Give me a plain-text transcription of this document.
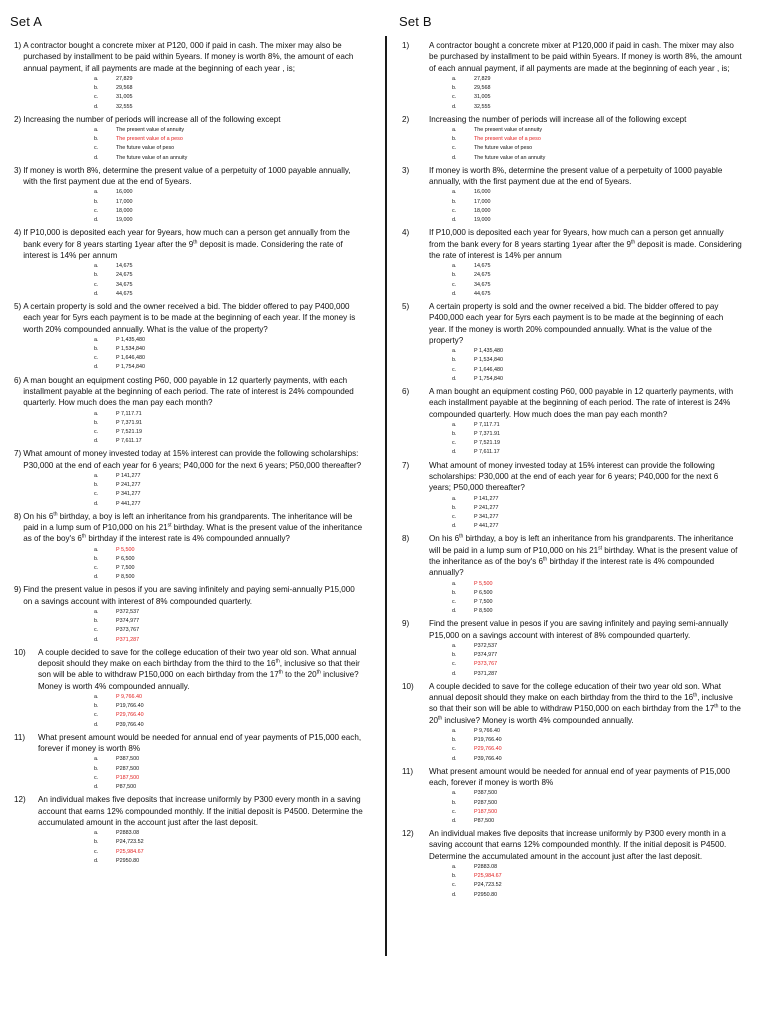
Set A	Set B
1) A contractor bought a concrete mixer at P120, 000 if paid in cash. The mixer may also be purchased by installment to be paid within 5years. If money is worth 8%, the amount of each annual payment, if all payments are made at the beginning of each year , is;
a.	27,829
b.	29,568
c.	31,005
d.	32,555
2) Increasing the number of periods will increase all of the following except
a.	The present value of annuity
b.	The present value of a peso
c.	The future value of peso
d.	The future value of an annuity
3) If money is worth 8%, determine the present value of a perpetuity of 1000 payable annually, with the first payment due at the end of 5years.
a.	16,000
b.	17,000
c.	18,000
d.	19,000
4) If P10,000 is deposited each year for 9years, how much can a person get annually from the bank every for 8 years starting 1year after the 9th deposit is made. Considering the rate of interest is 14% per annum
a.	14,675
b.	24,675
c.	34,675
d.	44,675
5) A certain property is sold and the owner received a bid. The bidder offered to pay P400,000 each year for 5yrs each payment is to be made at the beginning of each year. If the money is worth 20% compounded annually. What is the value of the property?
a.	P 1,435,480
b.	P 1,534,840
c.	P 1,646,480
d.	P 1,754,840
6) A man bought an equipment costing P60, 000 payable in 12 quarterly payments, with each installment payable at the beginning of each period. The rate of interest is 24% compounded quarterly. How much does the man pay each month?
a.	P 7,117.71
b.	P 7,371.91
c.	P 7,521.19
d.	P 7,611.17
7) What amount of money invested today at 15% interest can provide the following scholarships: P30,000 at the end of each year for 6 years; P40,000 for the next 6 years; P50,000 thereafter?
a.	P 141,277
b.	P 241,277
c.	P 341,277
d.	P 441,277
8) On his 6th birthday, a boy is left an inheritance from his grandparents. The inheritance will be paid in a lump sum of P10,000 on his 21st birthday. What is the present value of the inheritance as of the boy's 6th birthday if the interest rate is 4% compounded annually?
a.	P 5,500
b.	P 6,500
c.	P 7,500
d.	P 8,500
9) Find the present value in pesos if you are saving infinitely and paying semi-annually P15,000 on a savings account with interest of 8% compounded quarterly.
a.	P372,537
b.	P374,977
c.	P373,767
d.	P371,287
10)	A couple decided to save for the college education of their two year old son. What annual deposit should they make on each birthday from the third to the 16th, inclusive so that their son will be able to withdraw P150,000 on each birthday from the 17th to the 20th inclusive? Money is worth 4% compounded annually.
a.	P 9,766.40
b.	P19,766.40
c.	P29,766.40
d.	P39,766.40
11)	What present amount would be needed for annual end of year payments of P15,000 each, forever if money is worth 8%
a.	P387,500
b.	P287,500
c.	P187,500
d.	P87,500
12)	An individual makes five deposits that increase uniformly by P300 every month in a saving account that earns 12% compounded monthly. If the initial deposit is P4500. Determine the accumulated amount in the account just after the last deposit.
a.	P2883.08
b.	P24,723.52
c.	P25,984.67
d.	P2950.80
1)	A contractor bought a concrete mixer at P120,000 if paid in cash. The mixer may also be purchased by installment to be paid within 5years. If money is worth 8%, the amount of each annual payment, if all payments are made at the beginning of each year , is;
a.	27,829
b.	29,568
c.	31,005
d.	32,555
2)	Increasing the number of periods will increase all of the following except
a.	The present value of annuity
b.	The present value of a peso
c.	The future value of peso
d.	The future value of an annuity
3)	If money is worth 8%, determine the present value of a perpetuity of 1000 payable annually, with the first payment due at the end of 5years.
a.	16,000
b.	17,000
c.	18,000
d.	19,000
4)	If P10,000 is deposited each year for 9years, how much can a person get annually from the bank every for 8 years starting 1year after the 9th deposit is made. Considering the rate of interest is 14% per annum
a.	14,675
b.	24,675
c.	34,675
d.	44,675
5)	A certain property is sold and the owner received a bid. The bidder offered to pay P400,000 each year for 5yrs each payment is to be made at the beginning of each year. If the money is worth 20% compounded annually. What is the value of the property?
a.	P 1,435,480
b.	P 1,534,840
c.	P 1,646,480
d.	P 1,754,840
6)	A man bought an equipment costing P60, 000 payable in 12 quarterly payments, with each installment payable at the beginning of each period. The rate of interest is 24% compounded quarterly. How much does the man pay each month?
a.	P 7,117.71
b.	P 7,371.91
c.	P 7,521.19
d.	P 7,611.17
7)	What amount of money invested today at 15% interest can provide the following scholarships: P30,000 at the end of each year for 6 years; P40,000 for the next 6 years; P50,000 thereafter?
a.	P 141,277
b.	P 241,277
c.	P 341,277
d.	P 441,277
8)	On his 6th birthday, a boy is left an inheritance from his grandparents. The inheritance will be paid in a lump sum of P10,000 on his 21st birthday. What is the present value of the inheritance as of the boy's 6th birthday if the interest rate is 4% compounded annually?
a.	P 5,500
b.	P 6,500
c.	P 7,500
d.	P 8,500
9)	Find the present value in pesos if you are saving infinitely and paying semi-annually P15,000 on a savings account with interest of 8% compounded quarterly.
a.	P372,537
b.	P374,977
c.	P373,767
d.	P371,287
10)	A couple decided to save for the college education of their two year old son. What annual deposit should they make on each birthday from the third to the 16th, inclusive so that their son will be able to withdraw P150,000 on each birthday from the 17th to the 20th inclusive? Money is worth 4% compounded annually.
a.	P 9,766.40
b.	P19,766.40
c.	P29,766.40
d.	P39,766.40
11)	What present amount would be needed for annual end of year payments of P15,000 each, forever if money is worth 8%
a.	P387,500
b.	P287,500
c.	P187,500
d.	P87,500
12)	An individual makes five deposits that increase uniformly by P300 every month in a saving account that earns 12% compounded monthly. If the initial deposit is P4500. Determine the accumulated amount in the account just after the last deposit.
a.	P2883.08
b.	P25,984.67
c.	P24,723.52
d.	P2950.80
